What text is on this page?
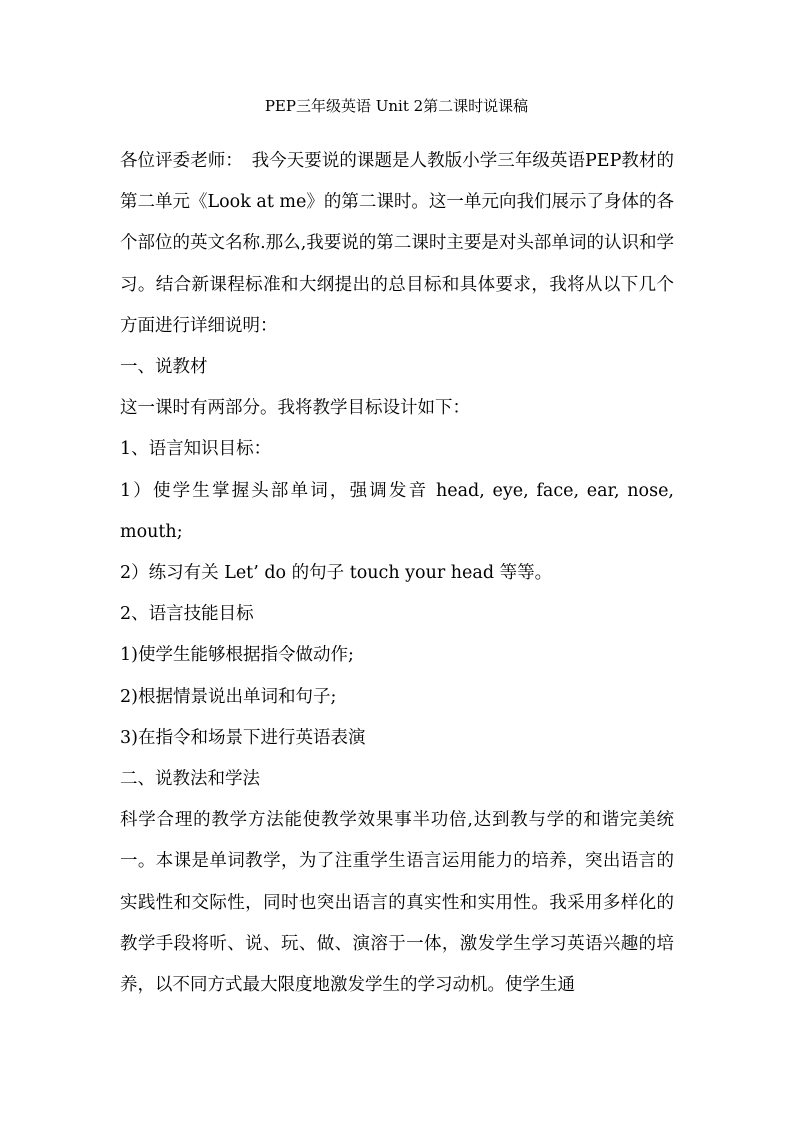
PEP三年级英语 Unit 2第二课时说课稿

各位评委老师：　我今天要说的课题是人教版小学三年级英语PEP教材的第二单元《Look at me》的第二课时。这一单元向我们展示了身体的各个部位的英文名称.那么,我要说的第二课时主要是对头部单词的认识和学习。结合新课程标准和大纲提出的总目标和具体要求，我将从以下几个方面进行详细说明：

一、说教材

这一课时有两部分。我将教学目标设计如下：

1、语言知识目标：

1）使学生掌握头部单词，强调发音 head, eye, face, ear, nose, mouth;

2）练习有关 Let’ do 的句子 touch your head 等等。

2、语言技能目标

1)使学生能够根据指令做动作;

2)根据情景说出单词和句子;

3)在指令和场景下进行英语表演

二、说教法和学法

科学合理的教学方法能使教学效果事半功倍,达到教与学的和谐完美统一。本课是单词教学，为了注重学生语言运用能力的培养，突出语言的实践性和交际性，同时也突出语言的真实性和实用性。我采用多样化的教学手段将听、说、玩、做、演溶于一体，激发学生学习英语兴趣的培养，以不同方式最大限度地激发学生的学习动机。使学生通
